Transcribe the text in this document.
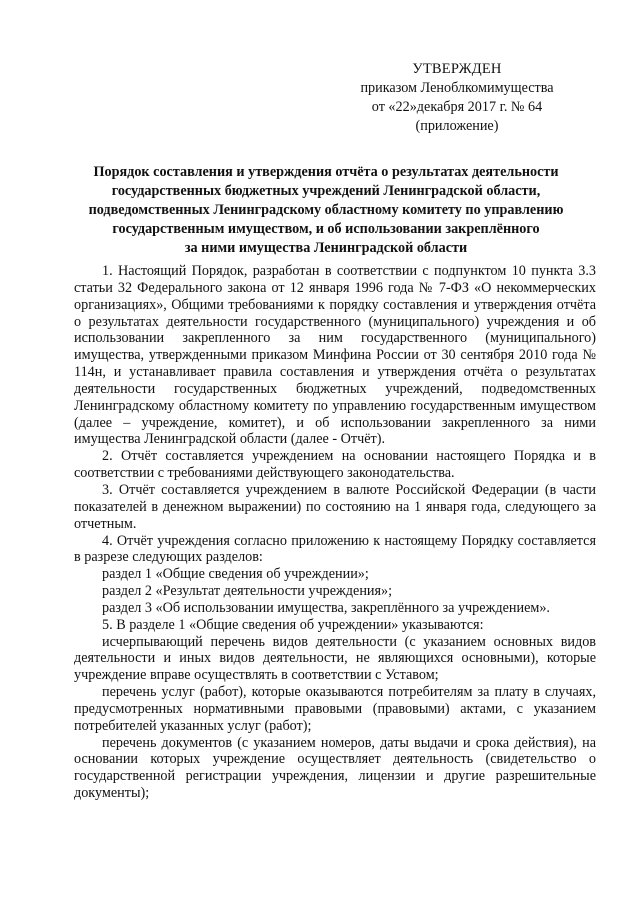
УТВЕРЖДЕН
приказом Леноблкомимущества
от «22»декабря 2017 г. № 64
(приложение)
Порядок составления и утверждения отчёта о результатах деятельности
государственных бюджетных учреждений Ленинградской области,
подведомственных Ленинградскому областному комитету по управлению
государственным имуществом, и об использовании закреплённого
за ними имущества Ленинградской области

1. Настоящий Порядок, разработан в соответствии с подпунктом 10 пункта 3.3 статьи 32 Федерального закона от 12 января 1996 года № 7-ФЗ «О некоммерческих организациях», Общими требованиями к порядку составления и утверждения отчёта о результатах деятельности государственного (муниципального) учреждения и об использовании закрепленного за ним государственного (муниципального) имущества, утвержденными приказом Минфина России от 30 сентября 2010 года № 114н, и устанавливает правила составления и утверждения отчёта о результатах деятельности государственных бюджетных учреждений, подведомственных Ленинградскому областному комитету по управлению государственным имуществом (далее – учреждение, комитет), и об использовании закрепленного за ними имущества Ленинградской области (далее - Отчёт).

2. Отчёт составляется учреждением на основании настоящего Порядка и в соответствии с требованиями действующего законодательства.

3. Отчёт составляется учреждением в валюте Российской Федерации (в части показателей в денежном выражении) по состоянию на 1 января года, следующего за отчетным.

4. Отчёт учреждения согласно приложению к настоящему Порядку составляется в разрезе следующих разделов:

раздел 1 «Общие сведения об учреждении»;

раздел 2 «Результат деятельности учреждения»;

раздел 3 «Об использовании имущества, закреплённого за учреждением».

5. В разделе 1 «Общие сведения об учреждении» указываются:

исчерпывающий перечень видов деятельности (с указанием основных видов деятельности и иных видов деятельности, не являющихся основными), которые учреждение вправе осуществлять в соответствии с Уставом;

перечень услуг (работ), которые оказываются потребителям за плату в случаях, предусмотренных нормативными правовыми (правовыми) актами, с указанием потребителей указанных услуг (работ);

перечень документов (с указанием номеров, даты выдачи и срока действия), на основании которых учреждение осуществляет деятельность (свидетельство о государственной регистрации учреждения, лицензии и другие разрешительные документы);
